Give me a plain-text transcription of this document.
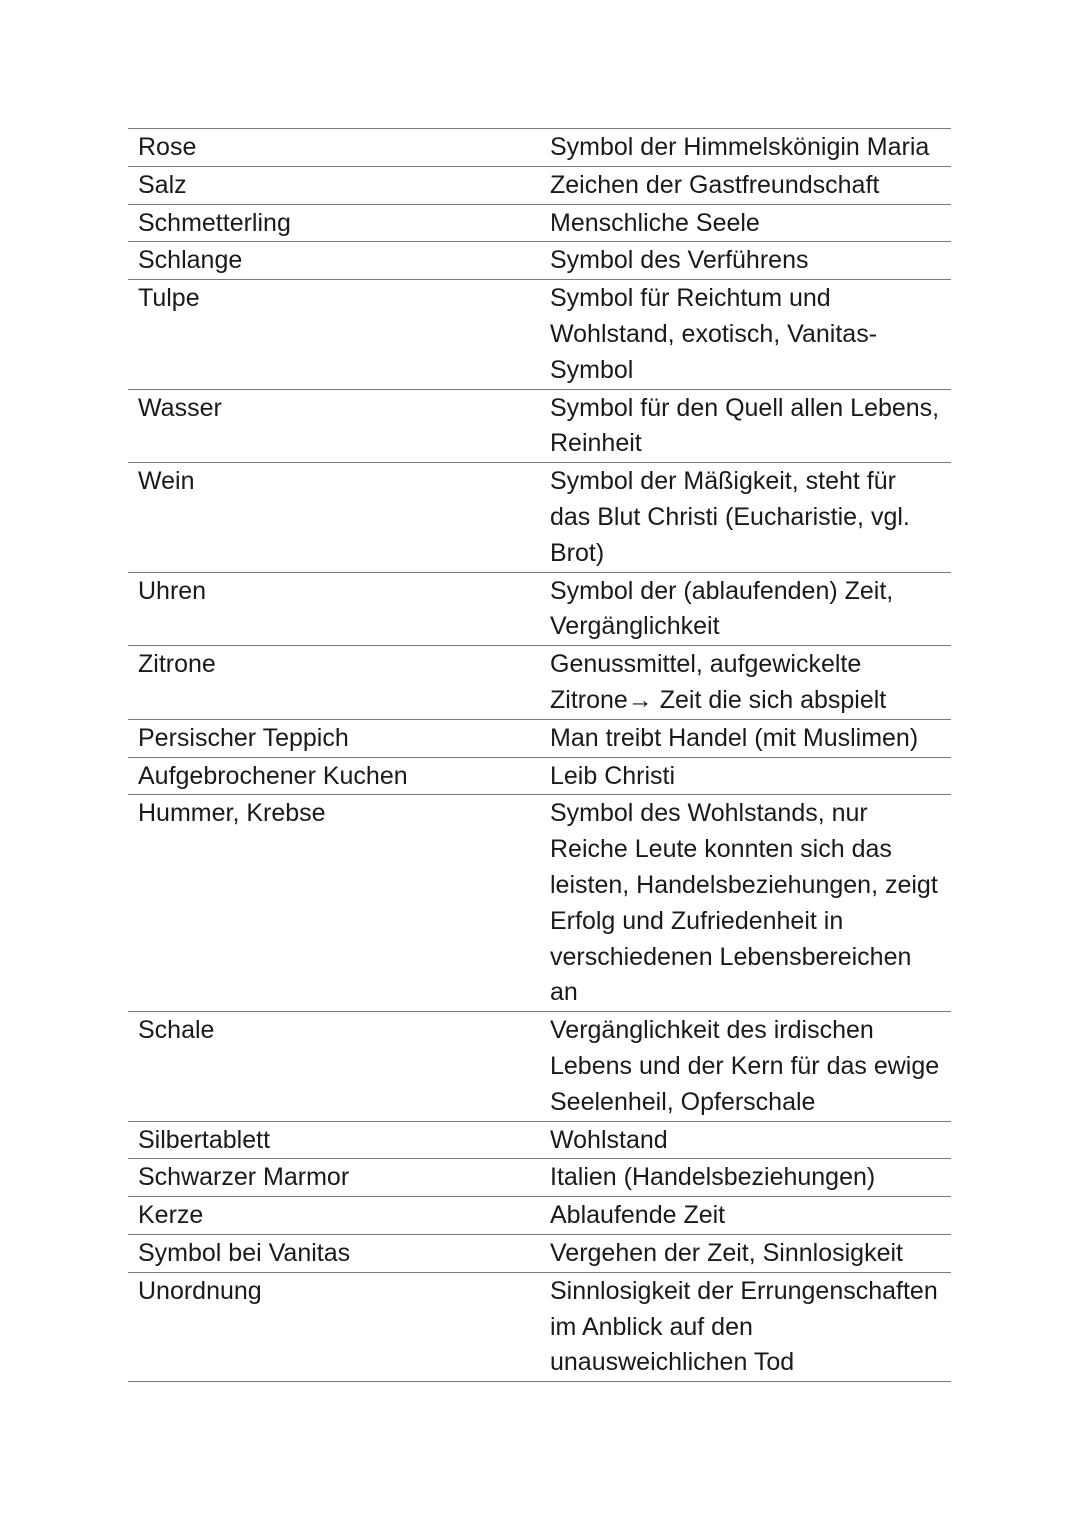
Rose	Symbol der Himmelskönigin Maria
Salz	Zeichen der Gastfreundschaft
Schmetterling	Menschliche Seele
Schlange	Symbol des Verführens
Tulpe	Symbol für Reichtum und Wohlstand, exotisch, Vanitas-Symbol
Wasser	Symbol für den Quell allen Lebens, Reinheit
Wein	Symbol der Mäßigkeit, steht für das Blut Christi (Eucharistie, vgl. Brot)
Uhren	Symbol der (ablaufenden) Zeit, Vergänglichkeit
Zitrone	Genussmittel, aufgewickelte Zitrone→ Zeit die sich abspielt
Persischer Teppich	Man treibt Handel (mit Muslimen)
Aufgebrochener Kuchen	Leib Christi
Hummer, Krebse	Symbol des Wohlstands, nur Reiche Leute konnten sich das leisten, Handelsbeziehungen, zeigt Erfolg und Zufriedenheit in verschiedenen Lebensbereichen an
Schale	Vergänglichkeit des irdischen Lebens und der Kern für das ewige Seelenheil, Opferschale
Silbertablett	Wohlstand
Schwarzer Marmor	Italien (Handelsbeziehungen)
Kerze	Ablaufende Zeit
Symbol bei Vanitas	Vergehen der Zeit, Sinnlosigkeit
Unordnung	Sinnlosigkeit der Errungenschaften im Anblick auf den unausweichlichen Tod
